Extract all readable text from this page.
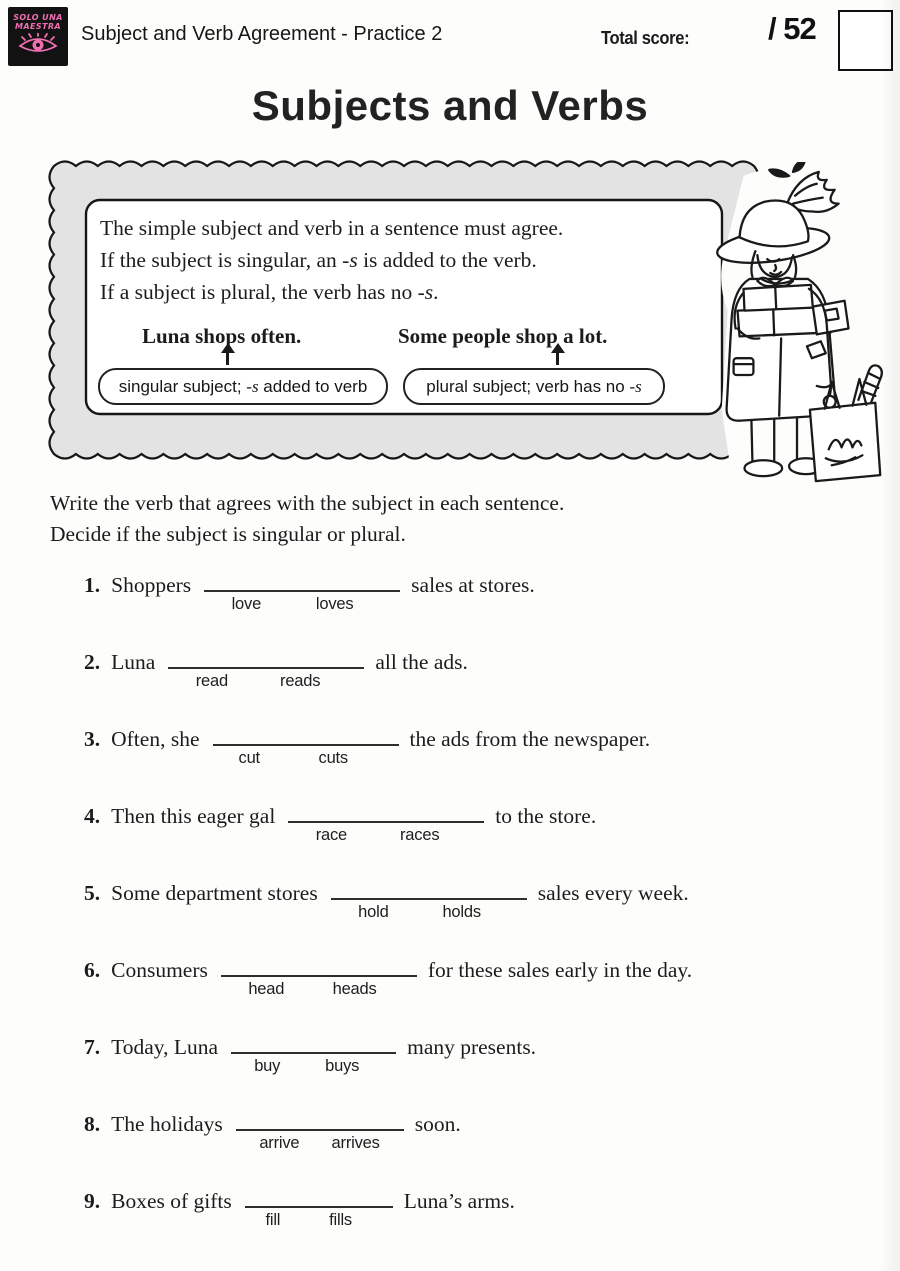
SOLO UNA
MAESTRA Subject and Verb Agreement - Practice 2	Total score:	/ 52
Subjects and Verbs
The simple subject and verb in a sentence must agree.
If the subject is singular, an -s is added to the verb.
If a subject is plural, the verb has no -s.
Luna shops often.	Some people shop a lot.
singular subject; -s added to verb	plural subject; verb has no -s
Write the verb that agrees with the subject in each sentence.
Decide if the subject is singular or plural.
1. Shoppers
love	loves
sales at stores.
2. Luna
read	reads
all the ads.
3. Often, she
cut	cuts
the ads from the newspaper.
4. Then this eager gal
race	races
to the store.
5. Some department stores
hold	holds
sales every week.
6. Consumers
head	heads
for these sales early in the day.
7. Today, Luna
buy	buys
many presents.
8. The holidays
arrive arrives
soon.
9. Boxes of gifts
fill	fills
Luna’s arms.
